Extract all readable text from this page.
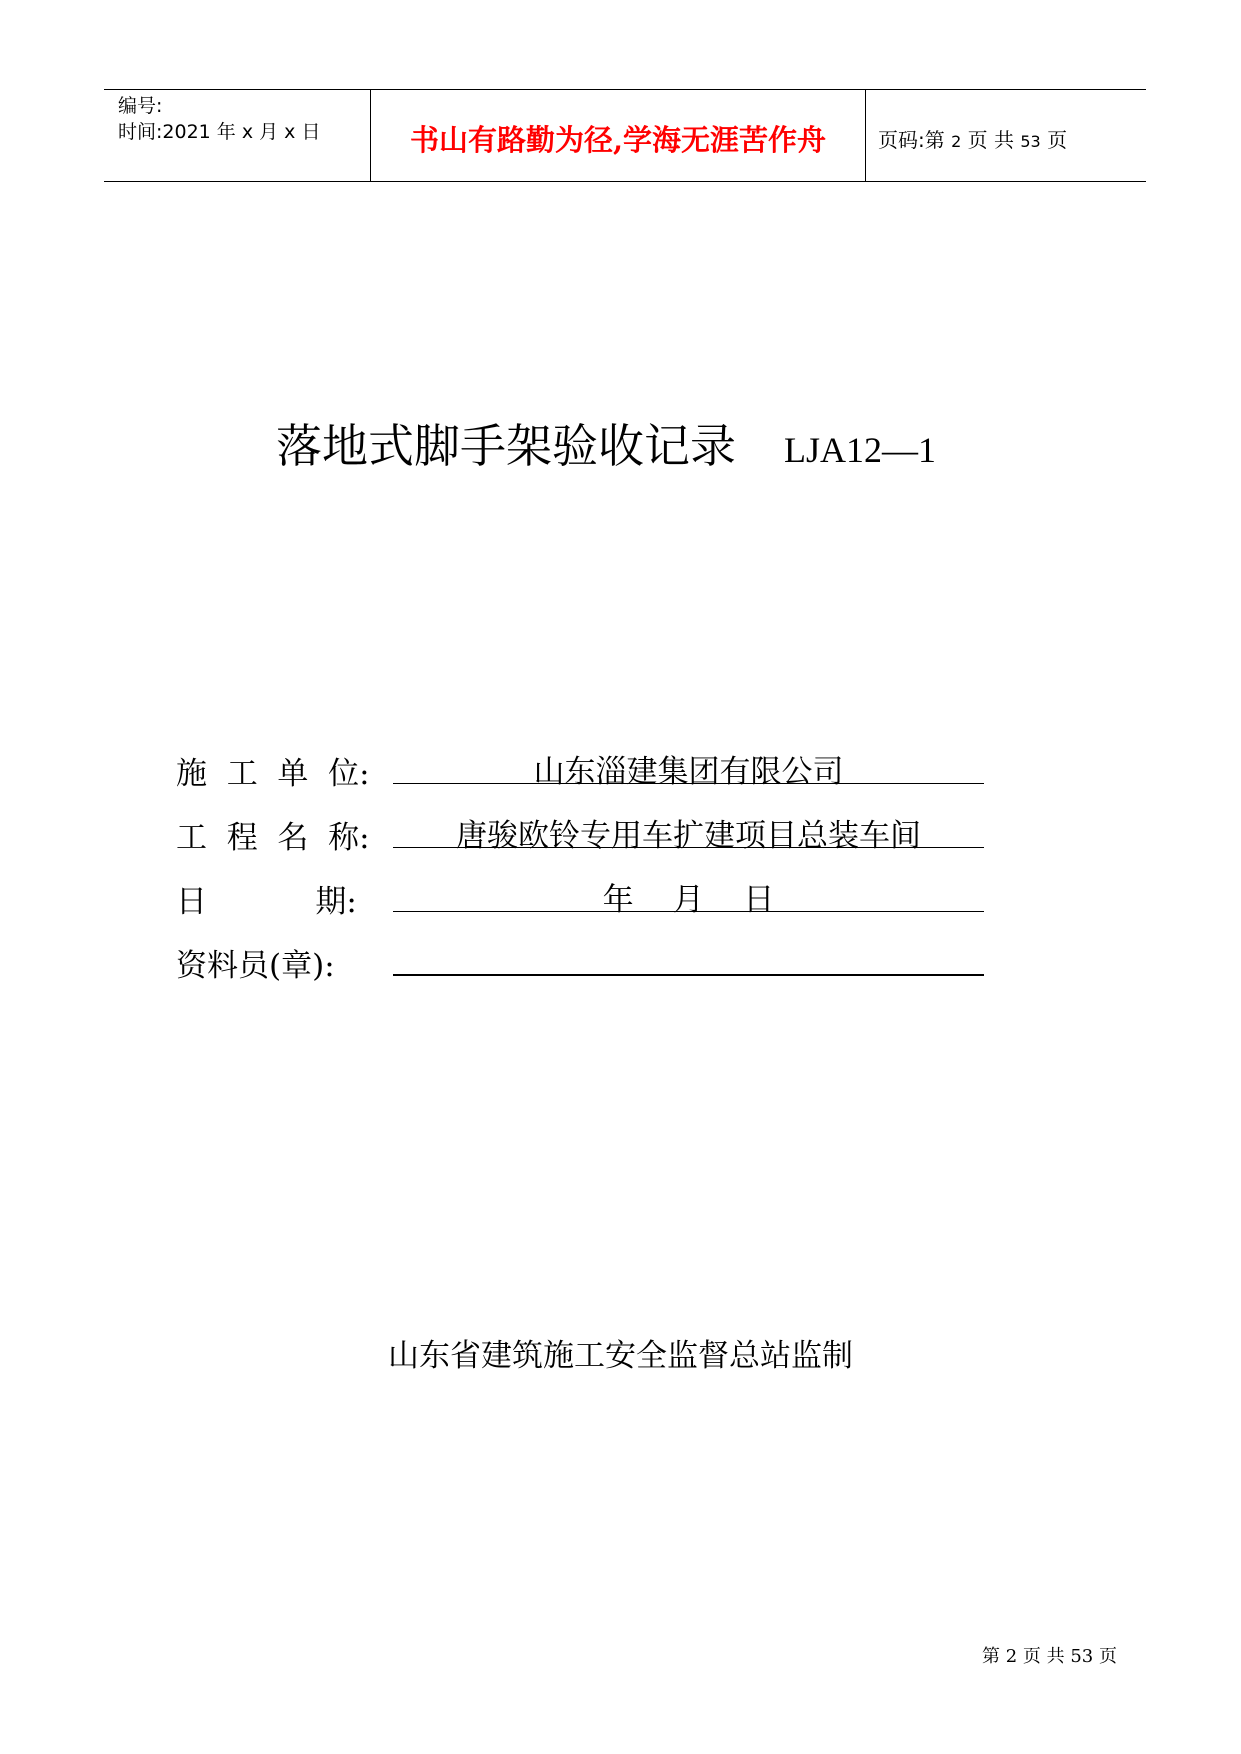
编号:
时间:2021 年 x 月 x 日	书山有路勤为径,学海无涯苦作舟	页码:第 2 页 共 53 页
落地式脚手架验收记录 LJA12—1
施  工  单  位:	山东淄建集团有限公司
工  程  名  称:	唐骏欧铃专用车扩建项目总装车间
日           期:	年    月    日
资料员(章):
山东省建筑施工安全监督总站监制
第 2 页 共 53 页
